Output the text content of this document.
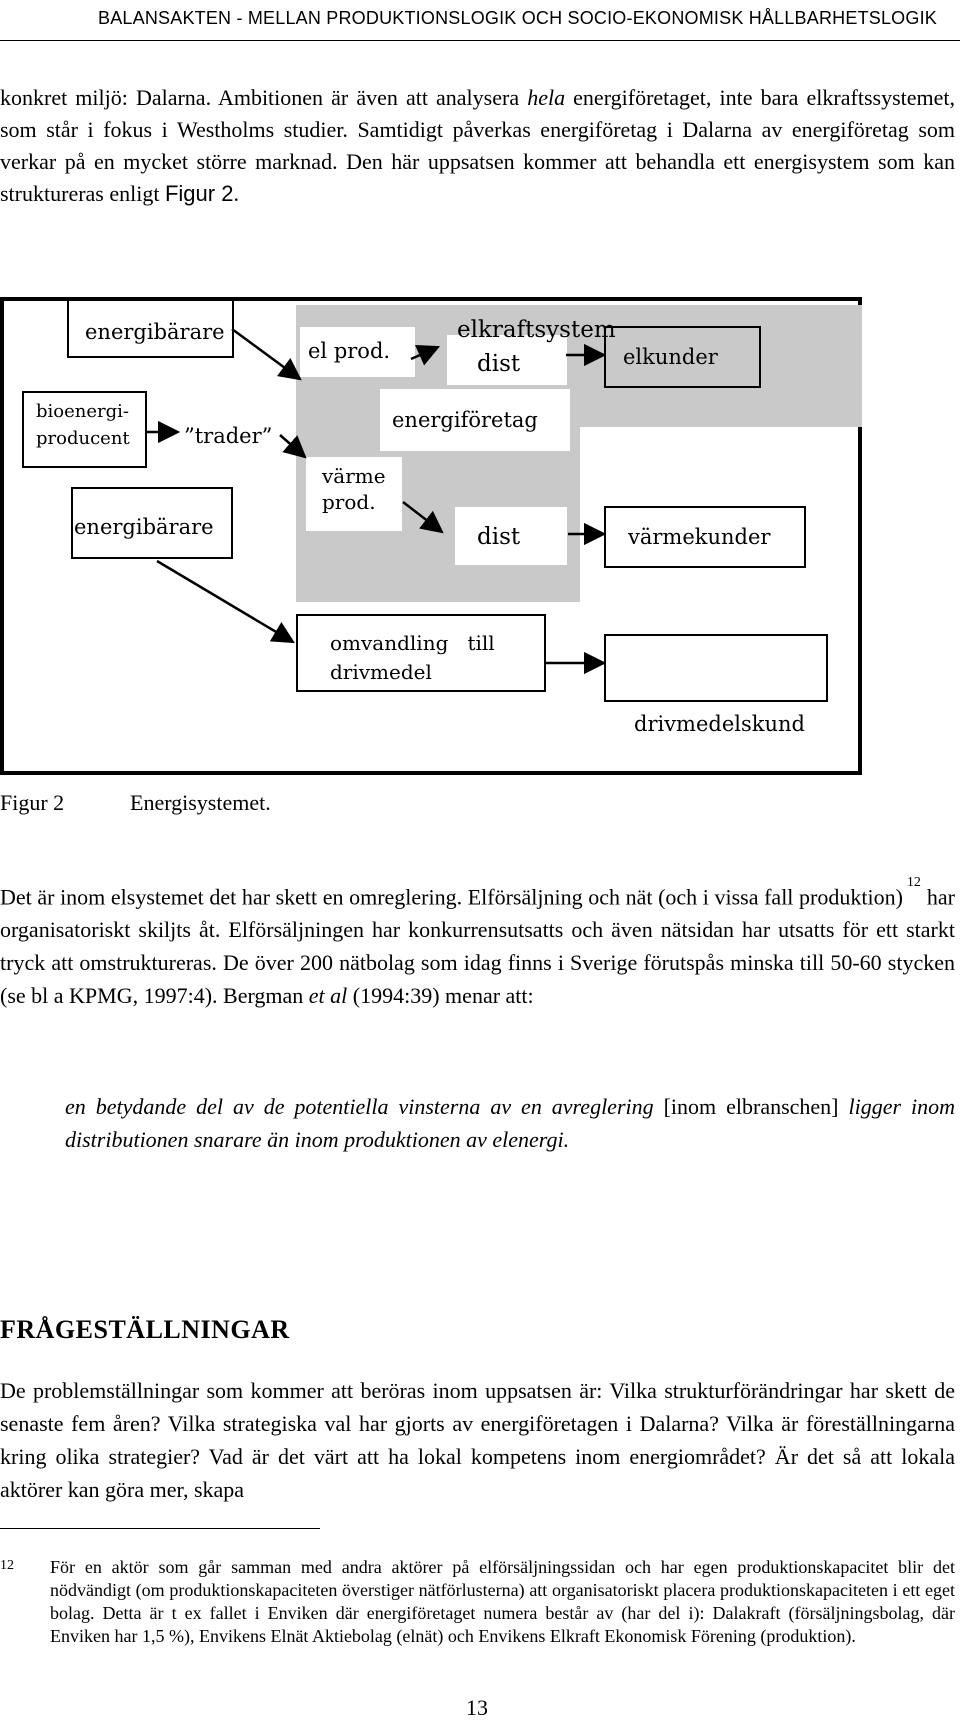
BALANSAKTEN - MELLAN PRODUKTIONSLOGIK OCH SOCIO-EKONOMISK HÅLLBARHETSLOGIK

konkret miljö: Dalarna. Ambitionen är även att analysera hela energiföretaget, inte bara elkraftssystemet, som står i fokus i Westholms studier. Samtidigt påverkas energiföretag i Dalarna av energiföretag som verkar på en mycket större marknad. Den här uppsatsen kommer att behandla ett energisystem som kan struktureras enligt Figur 2.

energibärare
bioenergi-
producent	”trader”
energibärare
elkraftsystem
el prod.	dist	elkunder
energiföretag
värme
prod.
dist	värmekunder
omvandling   till
drivmedel
drivmedelskund
Figur 2	Energisystemet.

Det är inom elsystemet det har skett en omreglering. Elförsäljning och nät (och i vissa fall produktion)$^{12}$har organisatoriskt skiljts åt. Elförsäljningen har konkurrensutsatts och även nätsidan har utsatts för ett starkt tryck att omstruktureras. De över 200 nätbolag som idag finns i Sverige förutspås minska till 50-60 stycken (se bl a KPMG, 1997:4). Bergman et al (1994:39) menar att:

en betydande del av de potentiella vinsterna av en avreglering [inom elbranschen] ligger inom distributionen snarare än inom produktionen av elenergi.

FRÅGESTÄLLNINGAR

De problemställningar som kommer att beröras inom uppsatsen är: Vilka strukturförändringar har skett de senaste fem åren? Vilka strategiska val har gjorts av energiföretagen i Dalarna? Vilka är föreställningarna kring olika strategier? Vad är det värt att ha lokal kompetens inom energiområdet? Är det så att lokala aktörer kan göra mer, skapa

12 För en aktör som går samman med andra aktörer på elförsäljningssidan och har egen produktionskapacitet blir det nödvändigt (om produktionskapaciteten överstiger nätförlusterna) att organisatoriskt placera produktionskapaciteten i ett eget bolag. Detta är t ex fallet i Enviken där energiföretaget numera består av (har del i): Dalakraft (försäljningsbolag, där Enviken har 1,5 %), Envikens Elnät Aktiebolag (elnät) och Envikens Elkraft Ekonomisk Förening (produktion).
13
